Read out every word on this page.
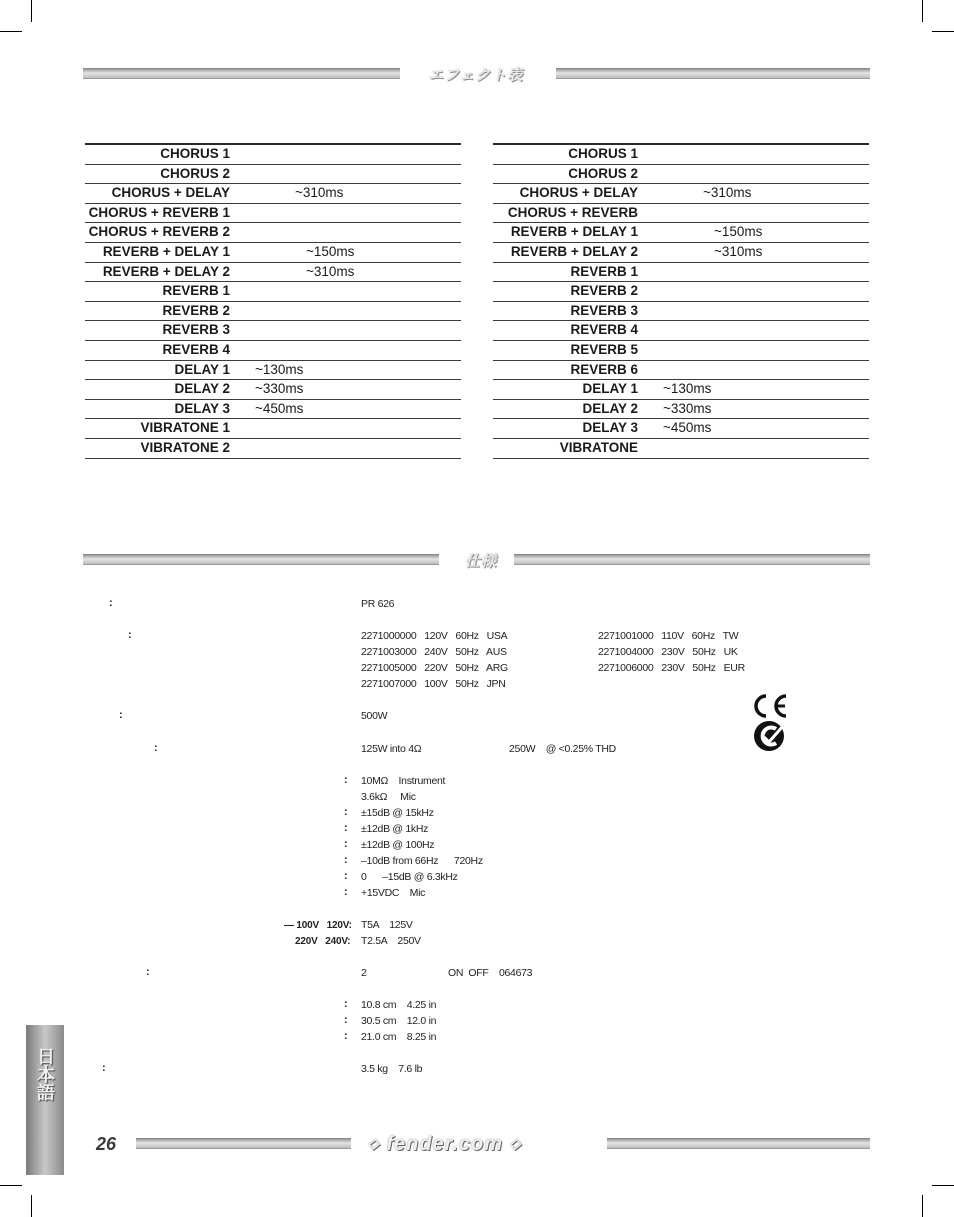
エフェクト表
CHORUS 1
CHORUS 2
CHORUS + DELAY	~310ms
CHORUS + REVERB 1
CHORUS + REVERB 2
REVERB + DELAY 1	~150ms
REVERB + DELAY 2	~310ms
REVERB 1
REVERB 2
REVERB 3
REVERB 4
DELAY 1 ~130ms
DELAY 2 ~330ms
DELAY 3 ~450ms
VIBRATONE 1
VIBRATONE 2
CHORUS 1
CHORUS 2
CHORUS + DELAY	~310ms
CHORUS + REVERB
REVERB + DELAY 1	~150ms
REVERB + DELAY 2	~310ms
REVERB 1
REVERB 2
REVERB 3
REVERB 4
REVERB 5
REVERB 6
DELAY 1 ~130ms
DELAY 2 ~330ms
DELAY 3 ~450ms
VIBRATONE
仕様
:	PR 626
:	2271000000   120V   60Hz   USA
2271003000   240V   50Hz   AUS
2271005000   220V   50Hz   ARG
2271007000   100V   50Hz   JPN
2271001000   110V   60Hz   TW
2271004000   230V   50Hz   UK
2271006000   230V   50Hz   EUR
:	500W
:	125W into 4Ω	250W    @ <0.25% THD
: 10MΩ    Instrument
3.6kΩ     Mic
: ±15dB @ 15kHz
: ±12dB @ 1kHz
: ±12dB @ 100Hz
: –10dB from 66Hz      720Hz
: 0      –15dB @ 6.3kHz
: +15VDC    Mic
— 100V   120V: T5A    125V
220V   240V: T2.5A    250V
:	2	ON  OFF    064673
: 10.8 cm    4.25 in
: 30.5 cm    12.0 in
: 21.0 cm    8.25 in
:	3.5 kg    7.6 lb
日本語
26	◇ fender.com ◇
